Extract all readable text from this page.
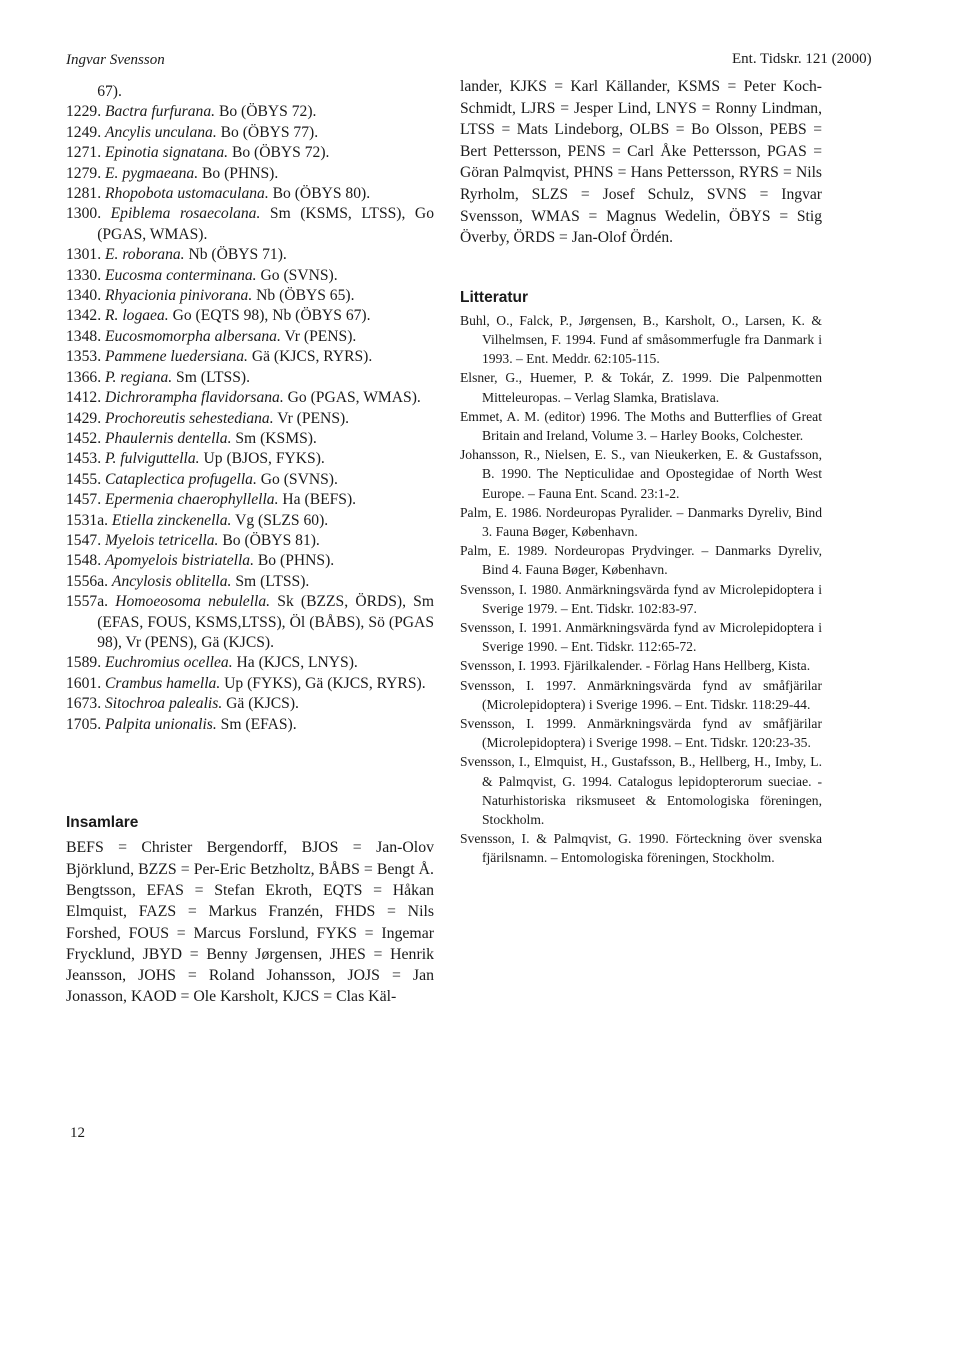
Ingvar Svensson	Ent. Tidskr. 121 (2000)

67).

1229. Bactra furfurana. Bo (ÖBYS 72).

1249. Ancylis unculana. Bo (ÖBYS 77).

1271. Epinotia signatana. Bo (ÖBYS 72).

1279. E. pygmaeana. Bo (PHNS).

1281. Rhopobota ustomaculana. Bo (ÖBYS 80).

1300. Epiblema rosaecolana. Sm (KSMS, LTSS), Go (PGAS, WMAS).

1301. E. roborana. Nb (ÖBYS 71).

1330. Eucosma conterminana. Go (SVNS).

1340. Rhyacionia pinivorana. Nb (ÖBYS 65).

1342. R. logaea. Go (EQTS 98), Nb (ÖBYS 67).

1348. Eucosmomorpha albersana. Vr (PENS).

1353. Pammene luedersiana. Gä (KJCS, RYRS).

1366. P. regiana. Sm (LTSS).

1412. Dichrorampha flavidorsana. Go (PGAS, WMAS).

1429. Prochoreutis sehestediana. Vr (PENS).

1452. Phaulernis dentella. Sm (KSMS).

1453. P. fulviguttella. Up (BJOS, FYKS).

1455. Cataplectica profugella. Go (SVNS).

1457. Epermenia chaerophyllella. Ha (BEFS).

1531a. Etiella zinckenella. Vg (SLZS 60).

1547. Myelois tetricella. Bo (ÖBYS 81).

1548. Apomyelois bistriatella. Bo (PHNS).

1556a. Ancylosis oblitella. Sm (LTSS).

1557a. Homoeosoma nebulella. Sk (BZZS, ÖRDS), Sm (EFAS, FOUS, KSMS,LTSS), Öl (BÅBS), Sö (PGAS 98), Vr (PENS), Gä (KJCS).

1589. Euchromius ocellea. Ha (KJCS, LNYS).

1601. Crambus hamella. Up (FYKS), Gä (KJCS, RYRS).

1673. Sitochroa palealis. Gä (KJCS).

1705. Palpita unionalis. Sm (EFAS).

Insamlare

BEFS = Christer Bergendorff, BJOS = Jan-Olov Björklund, BZZS = Per-Eric Betzholtz, BÅBS = Bengt Å. Bengtsson, EFAS = Stefan Ekroth, EQTS = Håkan Elmquist, FAZS = Markus Franzén, FHDS = Nils Forshed, FOUS = Marcus Forslund, FYKS = Ingemar Frycklund, JBYD = Benny Jørgensen, JHES = Henrik Jeansson, JOHS = Roland Johansson, JOJS = Jan Jonasson, KAOD = Ole Karsholt, KJCS = Clas Käl-

lander, KJKS = Karl Källander, KSMS = Peter Koch-Schmidt, LJRS = Jesper Lind, LNYS = Ronny Lindman, LTSS = Mats Lindeborg, OLBS = Bo Olsson, PEBS = Bert Pettersson, PENS = Carl Åke Pettersson, PGAS = Göran Palmqvist, PHNS = Hans Pettersson, RYRS = Nils Ryrholm, SLZS = Josef Schulz, SVNS = Ingvar Svensson, WMAS = Magnus Wedelin, ÖBYS = Stig Överby, ÖRDS = Jan-Olof Ördén.

Litteratur

Buhl, O., Falck, P., Jørgensen, B., Karsholt, O., Larsen, K. & Vilhelmsen, F. 1994. Fund af småsommerfugle fra Danmark i 1993. – Ent. Meddr. 62:105-115.

Elsner, G., Huemer, P. & Tokár, Z. 1999. Die Palpenmotten Mitteleuropas. – Verlag Slamka, Bratislava.

Emmet, A. M. (editor) 1996. The Moths and Butterflies of Great Britain and Ireland, Volume 3. – Harley Books, Colchester.

Johansson, R., Nielsen, E. S., van Nieukerken, E. & Gustafsson, B. 1990. The Nepticulidae and Opostegidae of North West Europe. – Fauna Ent. Scand. 23:1-2.

Palm, E. 1986. Nordeuropas Pyralider. – Danmarks Dyreliv, Bind 3. Fauna Bøger, København.

Palm, E. 1989. Nordeuropas Prydvinger. – Danmarks Dyreliv, Bind 4. Fauna Bøger, København.

Svensson, I. 1980. Anmärkningsvärda fynd av Microlepidoptera i Sverige 1979. – Ent. Tidskr. 102:83-97.

Svensson, I. 1991. Anmärkningsvärda fynd av Microlepidoptera i Sverige 1990. – Ent. Tidskr. 112:65-72.

Svensson, I. 1993. Fjärilkalender. - Förlag Hans Hellberg, Kista.

Svensson, I. 1997. Anmärkningsvärda fynd av småfjärilar (Microlepidoptera) i Sverige 1996. – Ent. Tidskr. 118:29-44.

Svensson, I. 1999. Anmärkningsvärda fynd av småfjärilar (Microlepidoptera) i Sverige 1998. – Ent. Tidskr. 120:23-35.

Svensson, I., Elmquist, H., Gustafsson, B., Hellberg, H., Imby, L. & Palmqvist, G. 1994. Catalogus lepidopterorum sueciae. - Naturhistoriska riksmuseet & Entomologiska föreningen, Stockholm.

Svensson, I. & Palmqvist, G. 1990. Förteckning över svenska fjärilsnamn. – Entomologiska föreningen, Stockholm.

12
